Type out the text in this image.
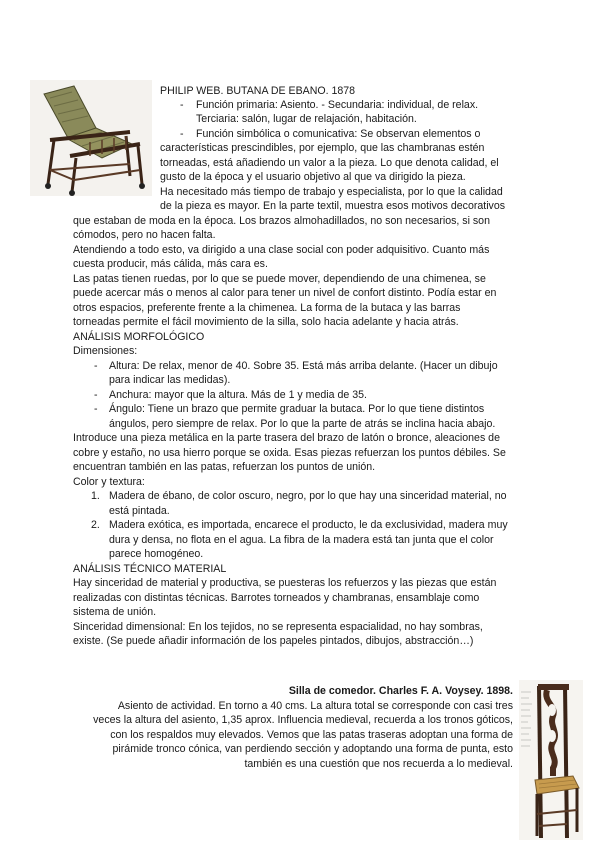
PHILIP WEB. BUTANA DE EBANO. 1878
- Función primaria: Asiento. - Secundaria: individual, de relax.
Terciaria: salón, lugar de relajación, habitación.
- Función simbólica o comunicativa: Se observan elementos o
características prescindibles, por ejemplo, que las chambranas estén
torneadas, está añadiendo un valor a la pieza. Lo que denota calidad, el
gusto de la época y el usuario objetivo al que va dirigido la pieza.
Ha necesitado más tiempo de trabajo y especialista, por lo que la calidad
de la pieza es mayor. En la parte textil, muestra esos motivos decorativos
que estaban de moda en la época. Los brazos almohadillados, no son necesarios, si son
cómodos, pero no hacen falta.
Atendiendo a todo esto, va dirigido a una clase social con poder adquisitivo. Cuanto más
cuesta producir, más cálida, más cara es.
Las patas tienen ruedas, por lo que se puede mover, dependiendo de una chimenea, se
puede acercar más o menos al calor para tener un nivel de confort distinto. Podía estar en
otros espacios, preferente frente a la chimenea. La forma de la butaca y las barras
torneadas permite el fácil movimiento de la silla, solo hacia adelante y hacia atrás.
ANÁLISIS MORFOLÓGICO
Dimensiones:
- Altura: De relax, menor de 40. Sobre 35. Está más arriba delante. (Hacer un dibujo
para indicar las medidas).
- Anchura: mayor que la altura. Más de 1 y media de 35.
- Ángulo: Tiene un brazo que permite graduar la butaca. Por lo que tiene distintos
ángulos, pero siempre de relax. Por lo que la parte de atrás se inclina hacia abajo.
Introduce una pieza metálica en la parte trasera del brazo de latón o bronce, aleaciones de
cobre y estaño, no usa hierro porque se oxida. Esas piezas refuerzan los puntos débiles. Se
encuentran también en las patas, refuerzan los puntos de unión.
Color y textura:
1. Madera de ébano, de color oscuro, negro, por lo que hay una sinceridad material, no
está pintada.
2. Madera exótica, es importada, encarece el producto, le da exclusividad, madera muy
dura y densa, no flota en el agua. La fibra de la madera está tan junta que el color
parece homogéneo.
ANÁLISIS TÉCNICO MATERIAL
Hay sinceridad de material y productiva, se puesteras los refuerzos y las piezas que están
realizadas con distintas técnicas. Barrotes torneados y chambranas, ensamblaje como
sistema de unión.
Sinceridad dimensional: En los tejidos, no se representa espacialidad, no hay sombras,
existe. (Se puede añadir información de los papeles pintados, dibujos, abstracción…)
Silla de comedor. Charles F. A. Voysey. 1898.
Asiento de actividad. En torno a 40 cms. La altura total se corresponde con casi tres
veces la altura del asiento, 1,35 aprox. Influencia medieval, recuerda a los tronos góticos,
con los respaldos muy elevados. Vemos que las patas traseras adoptan una forma de
pirámide tronco cónica, van perdiendo sección y adoptando una forma de punta, esto
también es una cuestión que nos recuerda a lo medieval.
